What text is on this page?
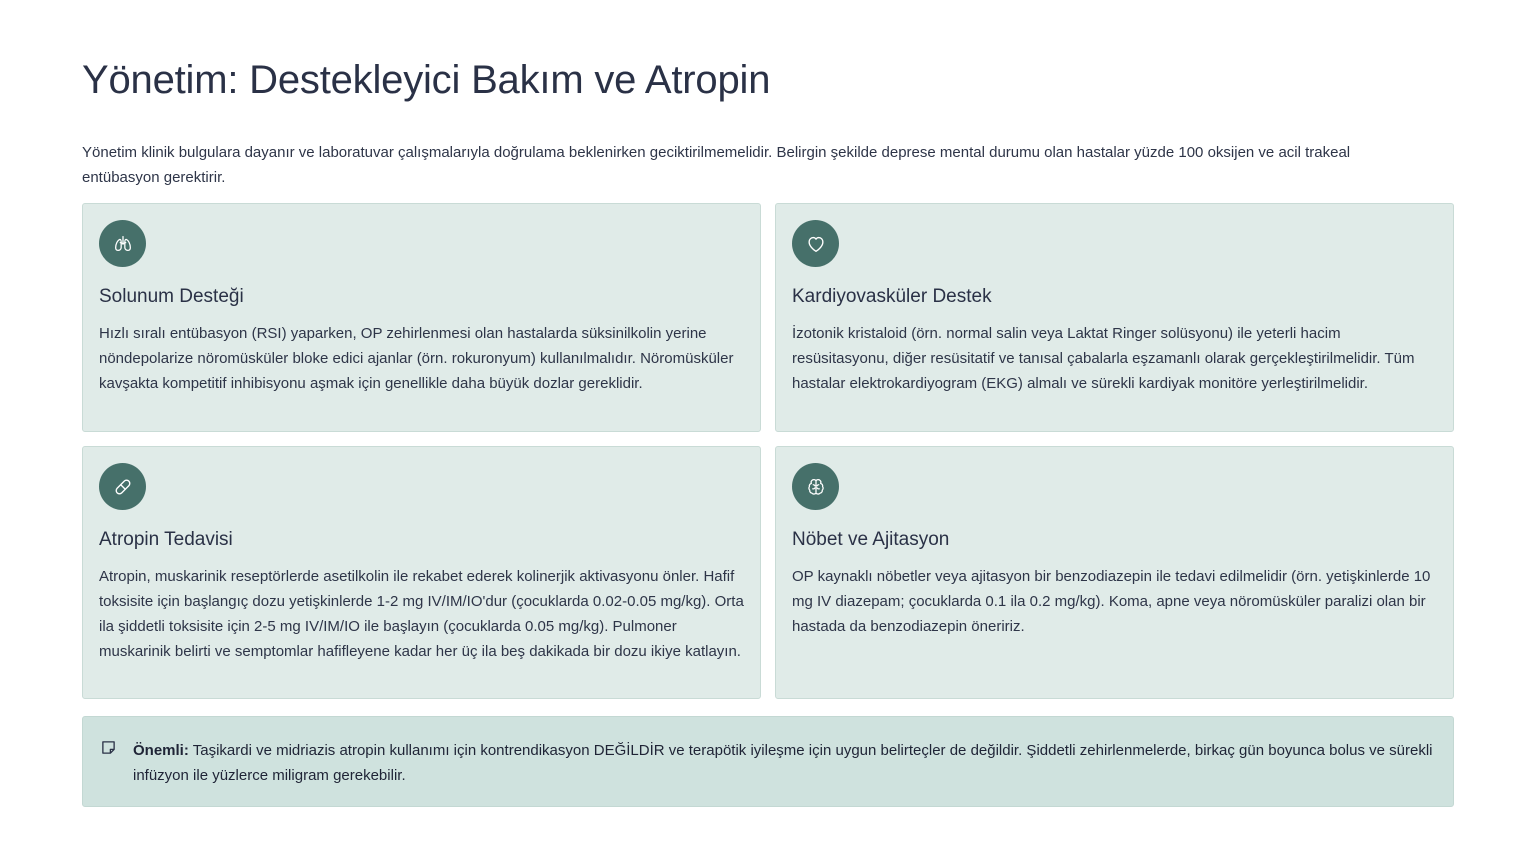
Yönetim: Destekleyici Bakım ve Atropin

Yönetim klinik bulgulara dayanır ve laboratuvar çalışmalarıyla doğrulama beklenirken geciktirilmemelidir. Belirgin şekilde deprese mental durumu olan hastalar yüzde 100 oksijen ve acil trakeal entübasyon gerektirir.

Solunum Desteği

Hızlı sıralı entübasyon (RSI) yaparken, OP zehirlenmesi olan hastalarda süksinilkolin yerine nöndepolarize nöromüsküler bloke edici ajanlar (örn. rokuronyum) kullanılmalıdır. Nöromüsküler kavşakta kompetitif inhibisyonu aşmak için genellikle daha büyük dozlar gereklidir.

Kardiyovasküler Destek

İzotonik kristaloid (örn. normal salin veya Laktat Ringer solüsyonu) ile yeterli hacim resüsitasyonu, diğer resüsitatif ve tanısal çabalarla eşzamanlı olarak gerçekleştirilmelidir. Tüm hastalar elektrokardiyogram (EKG) almalı ve sürekli kardiyak monitöre yerleştirilmelidir.

Atropin Tedavisi

Atropin, muskarinik reseptörlerde asetilkolin ile rekabet ederek kolinerjik aktivasyonu önler. Hafif toksisite için başlangıç dozu yetişkinlerde 1-2 mg IV/IM/IO'dur (çocuklarda 0.02-0.05 mg/kg). Orta ila şiddetli toksisite için 2-5 mg IV/IM/IO ile başlayın (çocuklarda 0.05 mg/kg). Pulmoner muskarinik belirti ve semptomlar hafifleyene kadar her üç ila beş dakikada bir dozu ikiye katlayın.

Nöbet ve Ajitasyon

OP kaynaklı nöbetler veya ajitasyon bir benzodiazepin ile tedavi edilmelidir (örn. yetişkinlerde 10 mg IV diazepam; çocuklarda 0.1 ila 0.2 mg/kg). Koma, apne veya nöromüsküler paralizi olan bir hastada da benzodiazepin öneririz.

Önemli: Taşikardi ve midriazis atropin kullanımı için kontrendikasyon DEĞİLDİR ve terapötik iyileşme için uygun belirteçler de değildir. Şiddetli zehirlenmelerde, birkaç gün boyunca bolus ve sürekli infüzyon ile yüzlerce miligram gerekebilir.
